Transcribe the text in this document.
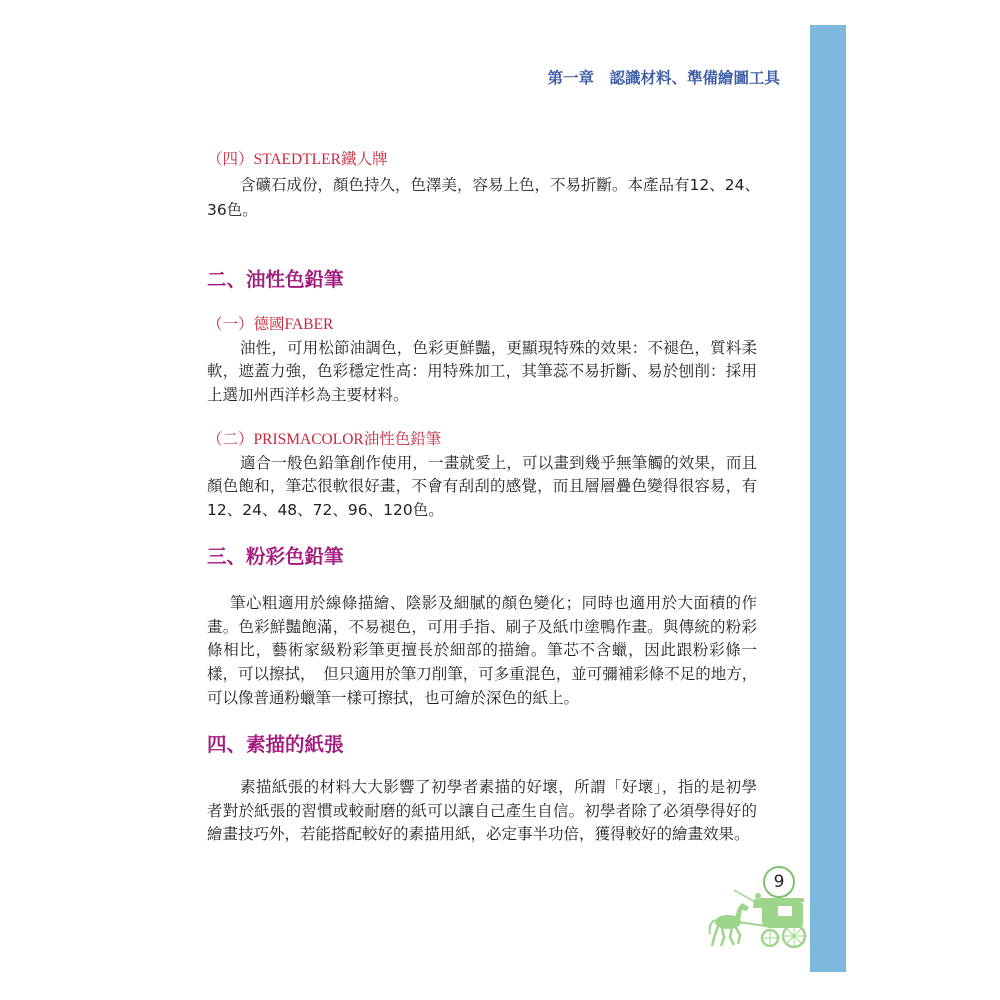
第一章　認識材料、準備繪圖工具
（四）STAEDTLER鐵人牌
含礦石成份，顏色持久，色澤美，容易上色，不易折斷。本產品有12、24、
36色。
二、油性色鉛筆
（一）德國FABER
油性，可用松節油調色，色彩更鮮豔，更顯現特殊的效果：不褪色，質料柔
軟，遮蓋力強，色彩穩定性高：用特殊加工，其筆蕊不易折斷、易於刨削：採用
上選加州西洋杉為主要材料。
（二）PRISMACOLOR油性色鉛筆
適合一般色鉛筆創作使用，一畫就愛上，可以畫到幾乎無筆觸的效果，而且
顏色飽和，筆芯很軟很好畫，不會有刮刮的感覺，而且層層疊色變得很容易，有
12、24、48、72、96、120色。
三、粉彩色鉛筆
筆心粗適用於線條描繪、陰影及細膩的顏色變化；同時也適用於大面積的作
畫。色彩鮮豔飽滿，不易褪色，可用手指、刷子及紙巾塗鴨作畫。與傳統的粉彩
條相比，藝術家級粉彩筆更擅長於細部的描繪。筆芯不含蠟，因此跟粉彩條一
樣，可以擦拭，　但只適用於筆刀削筆，可多重混色，並可彌補彩條不足的地方，
可以像普通粉蠟筆一樣可擦拭，也可繪於深色的紙上。
四、素描的紙張
素描紙張的材料大大影響了初學者素描的好壞，所謂「好壞」，指的是初學
者對於紙張的習慣或較耐磨的紙可以讓自己產生自信。初學者除了必須學得好的
繪畫技巧外，若能搭配較好的素描用紙，必定事半功倍，獲得較好的繪畫效果。
9
